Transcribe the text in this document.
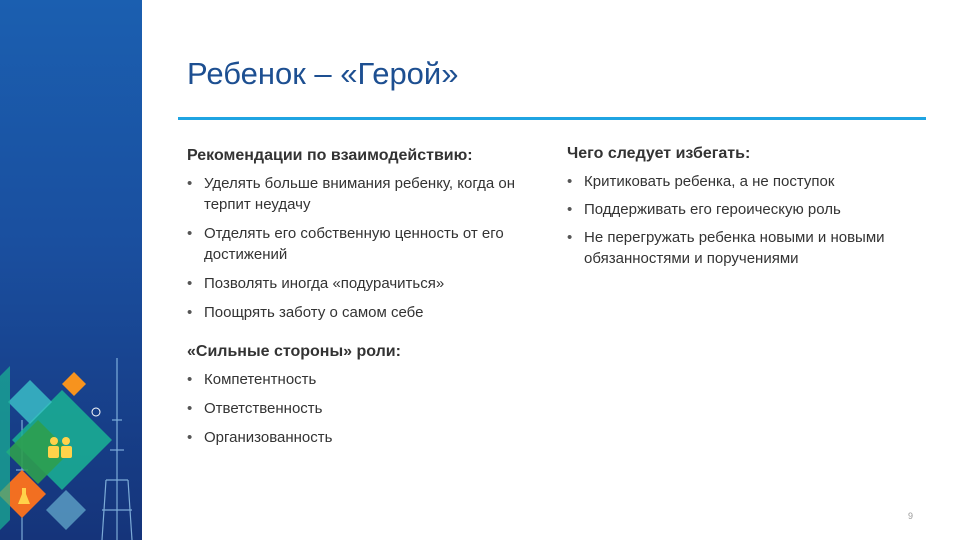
Ребенок – «Герой»
Рекомендации по взаимодействию:
• Уделять больше внимания ребенку, когда он терпит неудачу
• Отделять его собственную ценность от его достижений
• Позволять иногда «подурачиться»
• Поощрять заботу о самом себе
«Сильные стороны» роли:
• Компетентность
• Ответственность
• Организованность
Чего следует избегать:
• Критиковать ребенка, а не поступок
• Поддерживать его героическую роль
• Не перегружать ребенка новыми и новыми обязанностями и поручениями
9
